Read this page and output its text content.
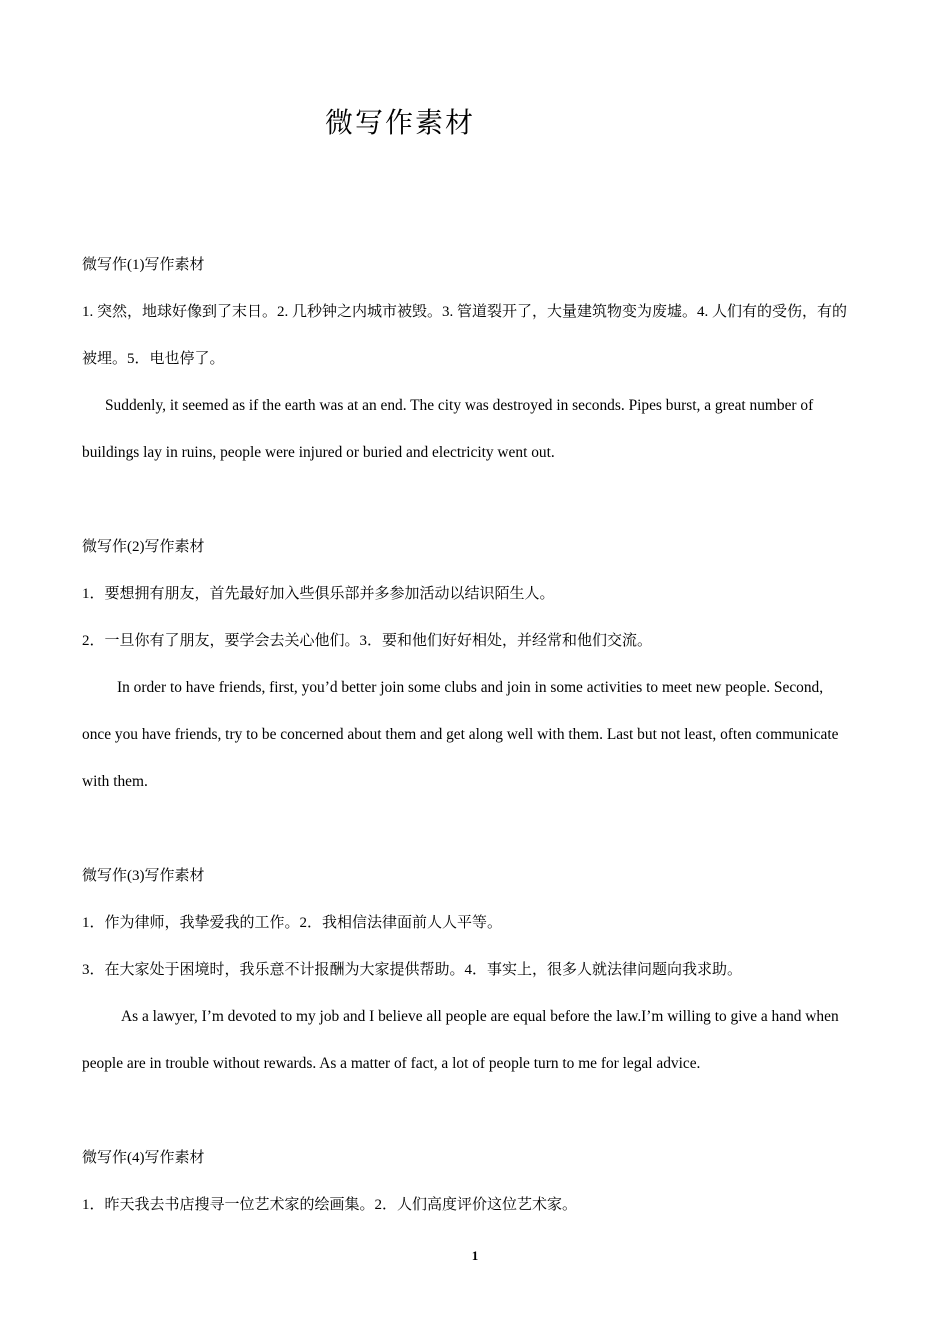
微写作素材
微写作(1)写作素材
1. 突然，地球好像到了末日。2. 几秒钟之内城市被毁。3. 管道裂开了，大量建筑物变为废墟。4. 人们有的受伤，有的
被埋。5．电也停了。
Suddenly, it seemed as if the earth was at an end. The city was destroyed in seconds. Pipes burst, a great number of
buildings lay in ruins, people were injured or buried and electricity went out.
微写作(2)写作素材
1．要想拥有朋友，首先最好加入些俱乐部并多参加活动以结识陌生人。
2．一旦你有了朋友，要学会去关心他们。3．要和他们好好相处，并经常和他们交流。
In order to have friends, first, you’d better join some clubs and join in some activities to meet new people. Second,
once you have friends, try to be concerned about them and get along well with them. Last but not least, often communicate
with them.
微写作(3)写作素材
1．作为律师，我挚爱我的工作。2．我相信法律面前人人平等。
3．在大家处于困境时，我乐意不计报酬为大家提供帮助。4．事实上，很多人就法律问题向我求助。
As a lawyer, I’m devoted to my job and I believe all people are equal before the law.I’m willing to give a hand when
people are in trouble without rewards. As a matter of fact, a lot of people turn to me for legal advice.
微写作(4)写作素材
1．昨天我去书店搜寻一位艺术家的绘画集。2．人们高度评价这位艺术家。
1
